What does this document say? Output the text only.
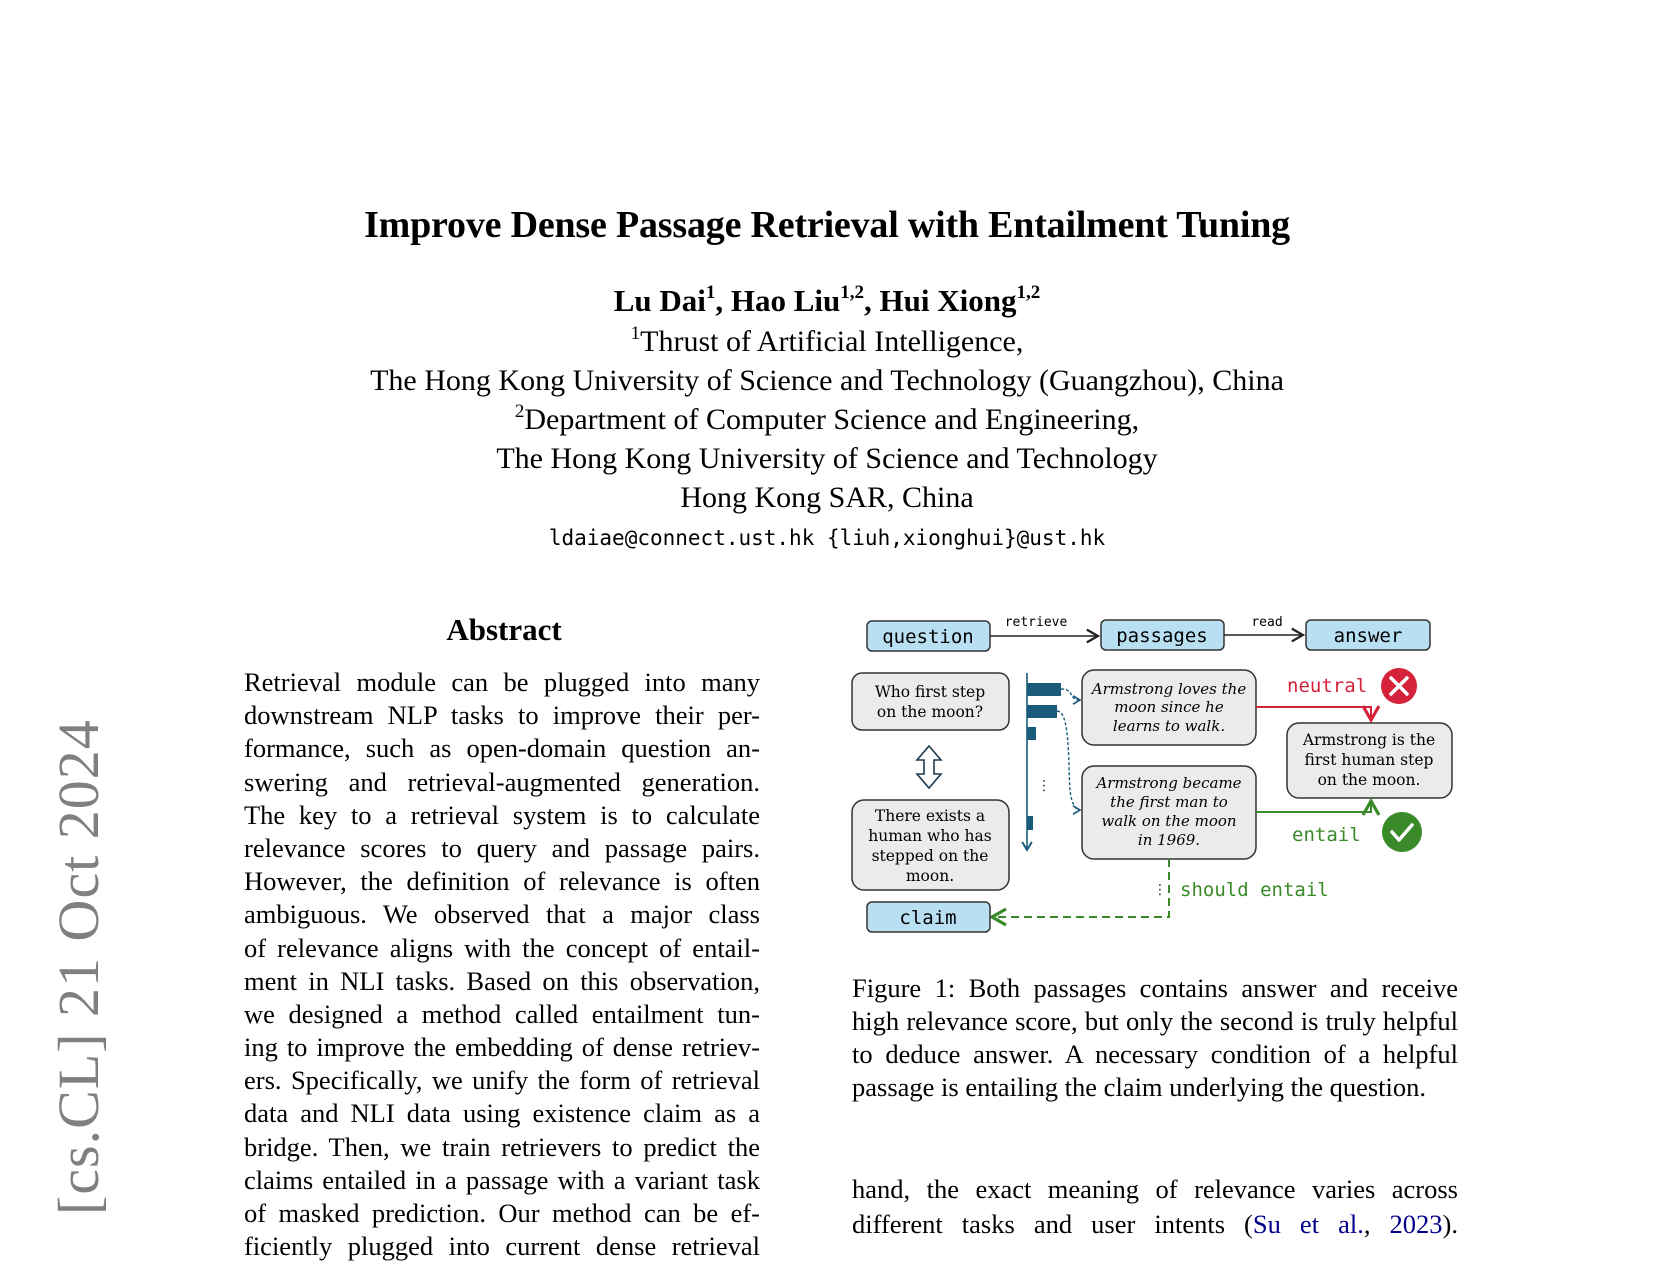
[cs.CL] 21 Oct 2024
Improve Dense Passage Retrieval with Entailment Tuning
Lu Dai$^1$, Hao Liu$^{1,2}$, Hui Xiong$^{1,2}$
$^1$Thrust of Artificial Intelligence,
The Hong Kong University of Science and Technology (Guangzhou), China
$^2$Department of Computer Science and Engineering,
The Hong Kong University of Science and Technology
Hong Kong SAR, China
ldaiae@connect.ust.hk {liuh,xionghui}@ust.hk
Abstract
Retrieval module can be plugged into many
downstream NLP tasks to improve their per-
formance, such as open-domain question an-
swering and retrieval-augmented generation.
The key to a retrieval system is to calculate
relevance scores to query and passage pairs.
However, the definition of relevance is often
ambiguous. We observed that a major class
of relevance aligns with the concept of entail-
ment in NLI tasks. Based on this observation,
we designed a method called entailment tun-
ing to improve the embedding of dense retriev-
ers. Specifically, we unify the form of retrieval
data and NLI data using existence claim as a
bridge. Then, we train retrievers to predict the
claims entailed in a passage with a variant task
of masked prediction. Our method can be ef-
ficiently plugged into current dense retrieval
question
retrieve
passages
read
answer
Who first step
on the moon?
There exists a
human who has
stepped on the
moon.
⋮
Armstrong loves the
moon since he
learns to walk.
Armstrong became
the first man to
walk on the moon
in 1969.
Armstrong is the
first human step
on the moon.
neutral
entail
⋮ should entail
claim
Figure 1: Both passages contains answer and receive
high relevance score, but only the second is truly helpful
to deduce answer. A necessary condition of a helpful
passage is entailing the claim underlying the question.
hand, the exact meaning of relevance varies across
different tasks and user intents (Su et al., 2023).
